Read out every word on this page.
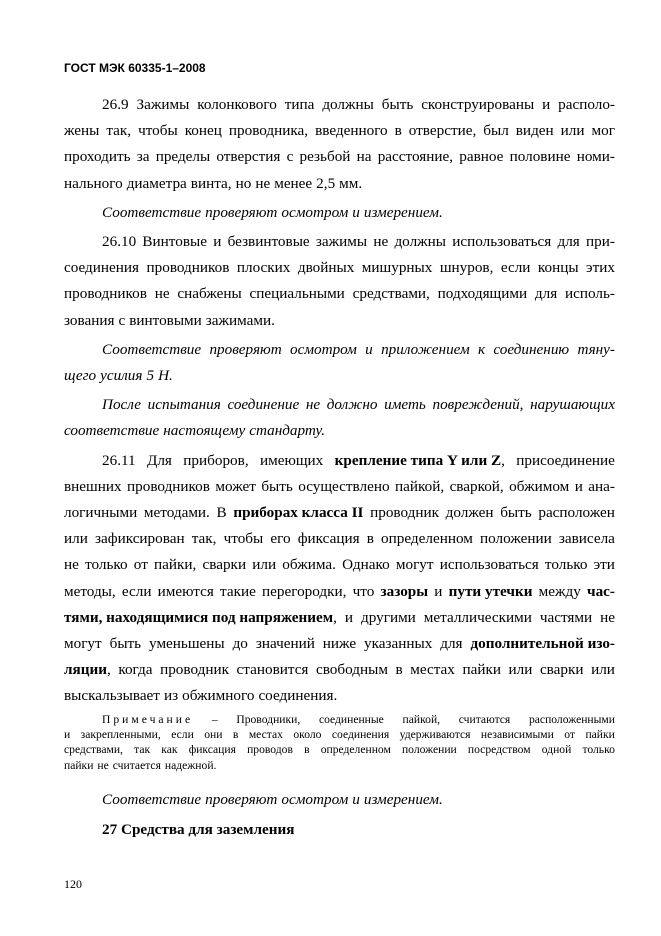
ГОСТ МЭК 60335-1–2008
26.9 Зажимы колонкового типа должны быть сконструированы и располо-
жены так, чтобы конец проводника, введенного в отверстие, был виден или мог
проходить за пределы отверстия с резьбой на расстояние, равное половине номи-
нального диаметра винта, но не менее 2,5 мм.
Соответствие проверяют осмотром и измерением.
26.10 Винтовые и безвинтовые зажимы не должны использоваться для при-
соединения проводников плоских двойных мишурных шнуров, если концы этих
проводников не снабжены специальными средствами, подходящими для исполь-
зования с винтовыми зажимами.
Соответствие проверяют осмотром и приложением к соединению тяну-
щего усилия 5 Н.
После испытания соединение не должно иметь повреждений, нарушающих
соответствие настоящему стандарту.
26.11 Для приборов, имеющих крепление типа Y или Z, присоединение
внешних проводников может быть осуществлено пайкой, сваркой, обжимом и ана-
логичными методами. В приборах класса II проводник должен быть расположен
или зафиксирован так, чтобы его фиксация в определенном положении зависела
не только от пайки, сварки или обжима. Однако могут использоваться только эти
методы, если имеются такие перегородки, что зазоры и пути утечки между час-
тями, находящимися под напряжением, и другими металлическими частями не
могут быть уменьшены до значений ниже указанных для дополнительной изо-
ляции, когда проводник становится свободным в местах пайки или сварки или
выскальзывает из обжимного соединения.
Примечание – Проводники, соединенные пайкой, считаются расположенными
и закрепленными, если они в местах около соединения удерживаются независимыми от пайки
средствами, так как фиксация проводов в определенном положении посредством одной только
пайки не считается надежной.
Соответствие проверяют осмотром и измерением.
27 Средства для заземления
120
